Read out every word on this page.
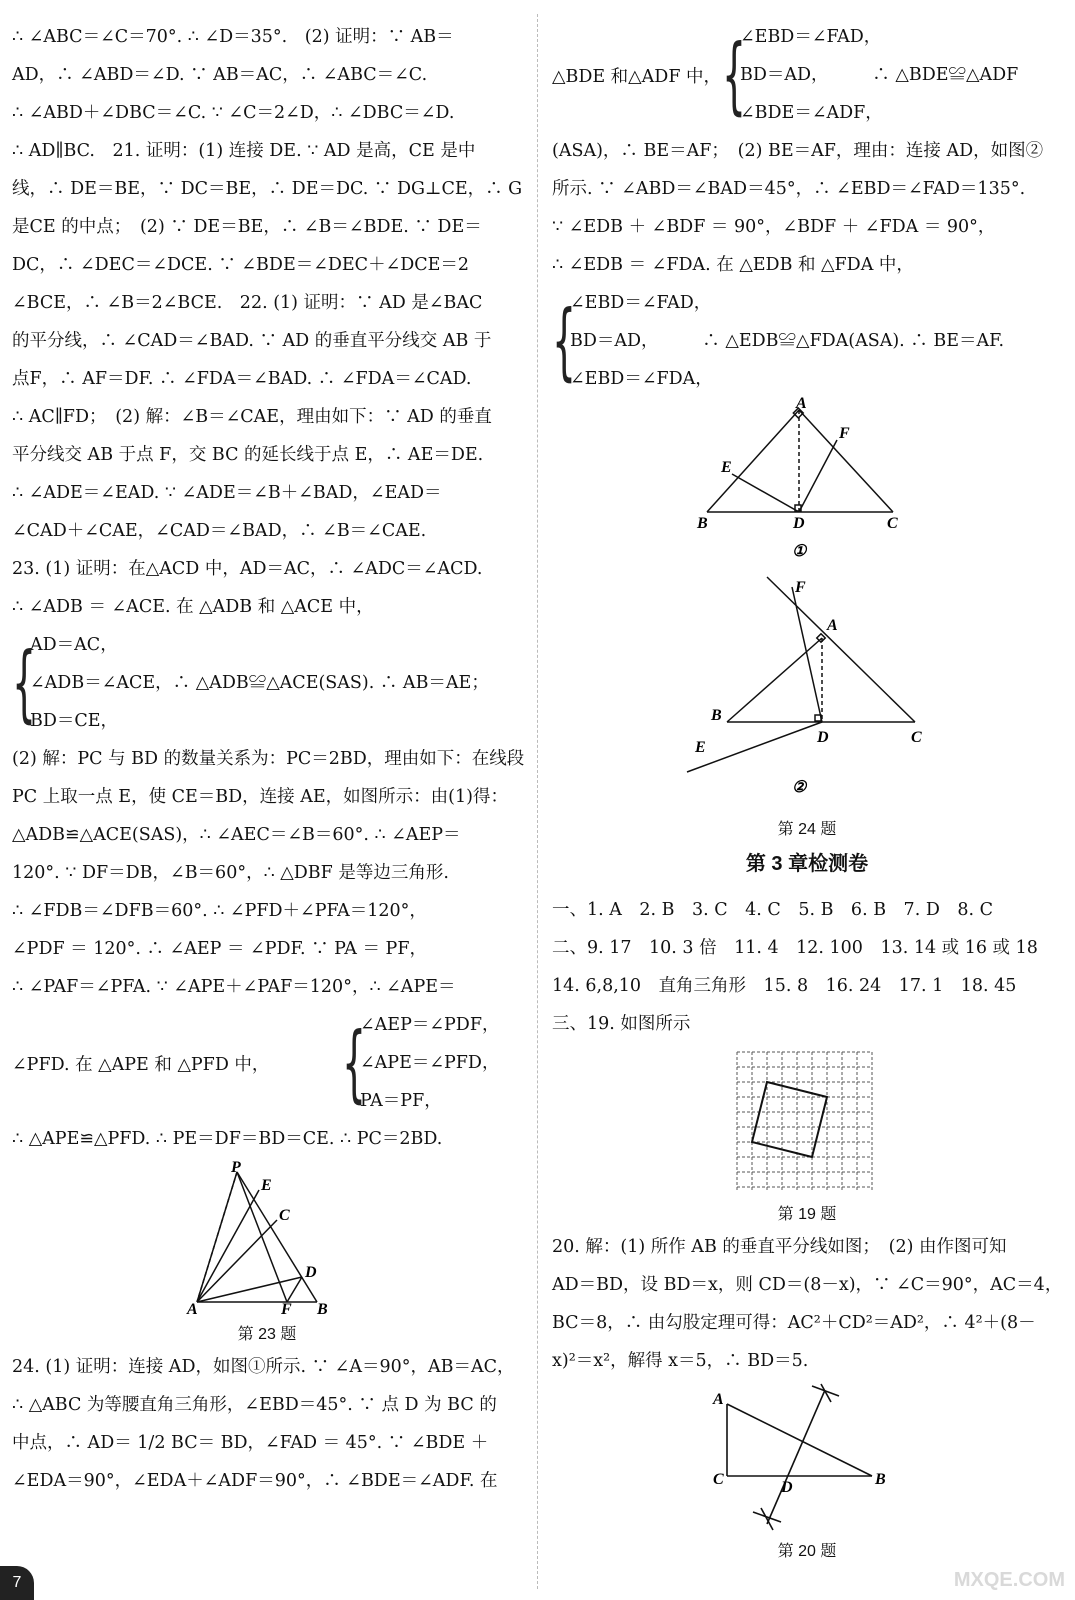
∴ ∠ABC＝∠C＝70°. ∴ ∠D＝35°.　(2) 证明：∵ AB＝

AD，∴ ∠ABD＝∠D. ∵ AB＝AC，∴ ∠ABC＝∠C.

∴ ∠ABD＋∠DBC＝∠C. ∵ ∠C＝2∠D，∴ ∠DBC＝∠D.

∴ AD∥BC.　21. 证明：(1) 连接 DE. ∵ AD 是高，CE 是中

线，∴ DE＝BE，∵ DC＝BE，∴ DE＝DC. ∵ DG⊥CE，∴ G

是CE 的中点；　(2) ∵ DE＝BE，∴ ∠B＝∠BDE. ∵ DE＝

DC，∴ ∠DEC＝∠DCE. ∵ ∠BDE＝∠DEC＋∠DCE＝2

∠BCE，∴ ∠B＝2∠BCE.　22. (1) 证明：∵ AD 是∠BAC

的平分线，∴ ∠CAD＝∠BAD. ∵ AD 的垂直平分线交 AB 于

点F，∴ AF＝DF. ∴ ∠FDA＝∠BAD. ∴ ∠FDA＝∠CAD.

∴ AC∥FD；　(2) 解：∠B＝∠CAE，理由如下：∵ AD 的垂直

平分线交 AB 于点 F，交 BC 的延长线于点 E，∴ AE＝DE.

∴ ∠ADE＝∠EAD. ∵ ∠ADE＝∠B＋∠BAD，∠EAD＝

∠CAD＋∠CAE，∠CAD＝∠BAD，∴ ∠B＝∠CAE.

23. (1) 证明：在△ACD 中，AD＝AC，∴ ∠ADC＝∠ACD.

∴ ∠ADB ＝ ∠ACE. 在 △ADB 和 △ACE 中，

{

AD＝AC，

∠ADB＝∠ACE，∴ △ADB≌△ACE(SAS). ∴ AB＝AE；

BD＝CE，

(2) 解：PC 与 BD 的数量关系为：PC＝2BD，理由如下：在线段

PC 上取一点 E，使 CE＝BD，连接 AE，如图所示：由(1)得：

△ADB≌△ACE(SAS)，∴ ∠AEC＝∠B＝60°. ∴ ∠AEP＝

120°. ∵ DF＝DB，∠B＝60°，∴ △DBF 是等边三角形.

∴ ∠FDB＝∠DFB＝60°. ∴ ∠PFD＋∠PFA＝120°，

∠PDF ＝ 120°. ∴ ∠AEP ＝ ∠PDF. ∵ PA ＝ PF，

∴ ∠PAF＝∠PFA. ∵ ∠APE＋∠PAF＝120°，∴ ∠APE＝

∠PFD. 在 △APE 和 △PFD 中， {

∠AEP＝∠PDF，

∠APE＝∠PFD，

PA＝PF，

∴ △APE≌△PFD. ∴ PE＝DF＝BD＝CE. ∴ PC＝2BD.

P
E
C
D
A	F B

第 23 题

24. (1) 证明：连接 AD，如图①所示. ∵ ∠A＝90°，AB＝AC，

∴ △ABC 为等腰直角三角形，∠EBD＝45°. ∵ 点 D 为 BC 的

中点，∴ AD＝ 1/2 BC＝ BD，∠FAD ＝ 45°. ∵ ∠BDE ＋

∠EDA＝90°，∠EDA＋∠ADF＝90°，∴ ∠BDE＝∠ADF. 在

△BDE 和△ADF 中， {

∠EBD＝∠FAD，

BD＝AD，　　　∴ △BDE≌△ADF

∠BDE＝∠ADF，

(ASA)，∴ BE＝AF；　(2) BE＝AF，理由：连接 AD，如图②

所示. ∵ ∠ABD＝∠BAD＝45°，∴ ∠EBD＝∠FAD＝135°.

∵ ∠EDB ＋ ∠BDF ＝ 90°，∠BDF ＋ ∠FDA ＝ 90°，

∴ ∠EDB ＝ ∠FDA. 在 △EDB 和 △FDA 中，

{

∠EBD＝∠FAD，

BD＝AD，　　　∴ △EDB≌△FDA(ASA). ∴ BE＝AF.

∠EBD＝∠FDA，

A
F
E
B	D	C
①
F
A
B
D	C
E
②

第 24 题

第 3 章检测卷

一、1. A　2. B　3. C　4. C　5. B　6. B　7. D　8. C

二、9. 17　10. 3 倍　11. 4　12. 100　13. 14 或 16 或 18

14. 6,8,10　直角三角形　15. 8　16. 24　17. 1　18. 45

三、19. 如图所示

第 19 题

20. 解：(1) 所作 AB 的垂直平分线如图；　(2) 由作图可知

AD＝BD，设 BD＝x，则 CD＝(8－x)，∵ ∠C＝90°，AC＝4，

BC＝8，∴ 由勾股定理可得：AC²＋CD²＝AD²，∴ 4²＋(8－

x)²＝x²，解得 x＝5，∴ BD＝5.

A
C	D	B

第 20 题

7	MXQE.COM
